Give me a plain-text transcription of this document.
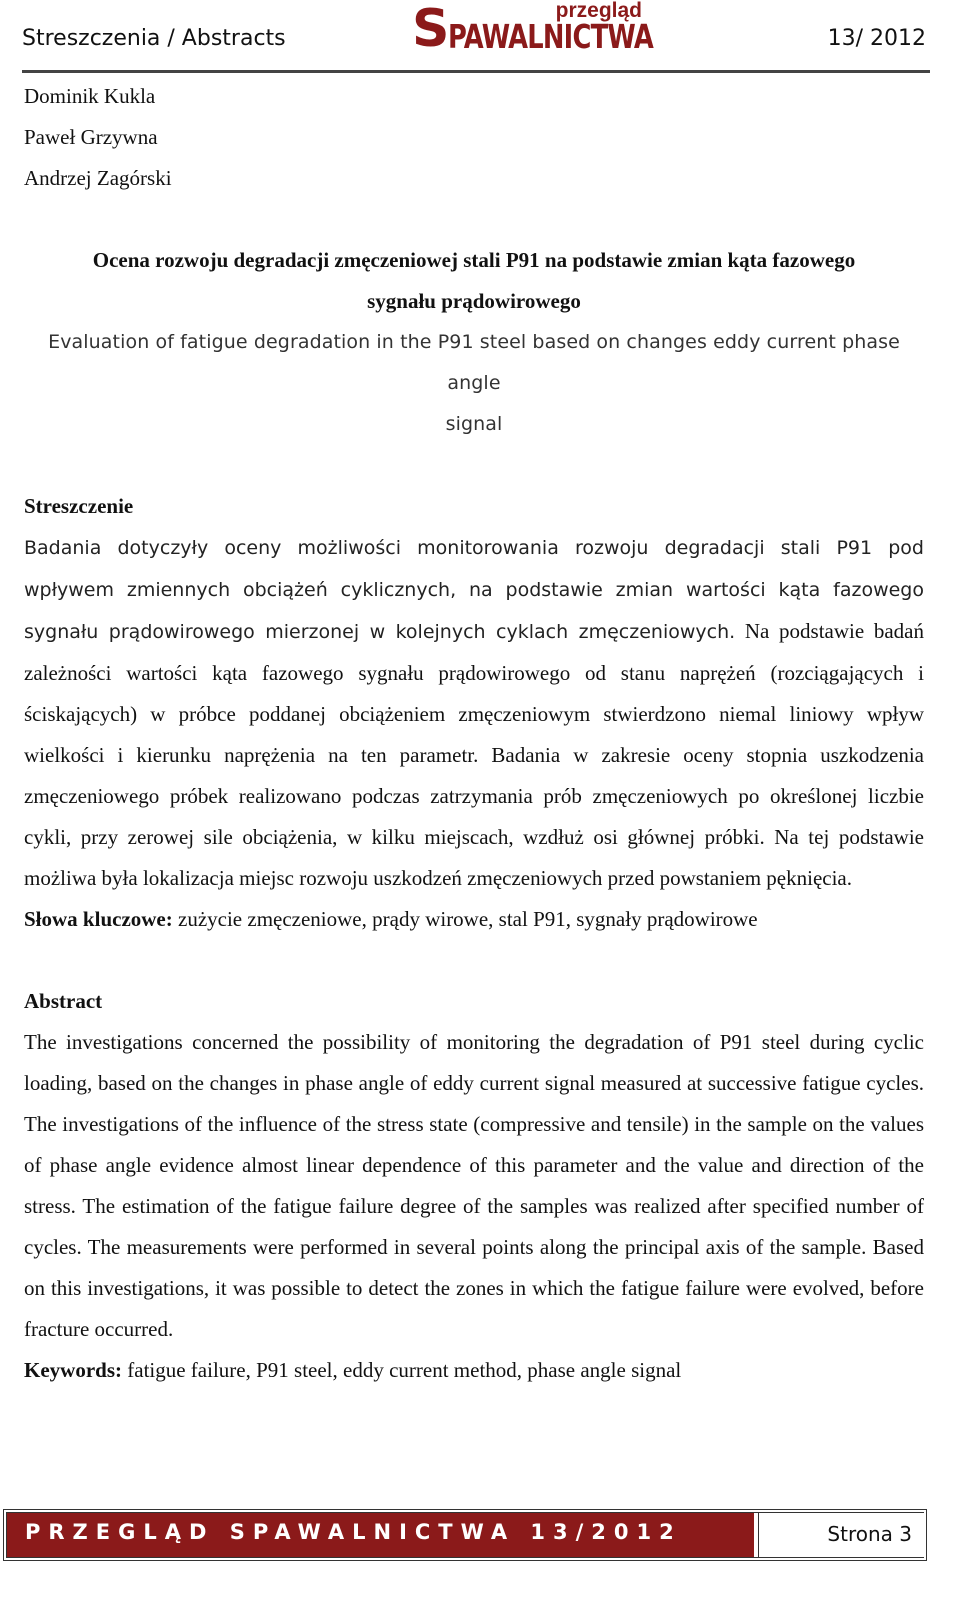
Streszczenia / Abstracts
przegląd
S
PAWALNICTWA	13/ 2012

Dominik Kukla

Paweł Grzywna

Andrzej Zagórski

Ocena rozwoju degradacji zmęczeniowej stali P91 na podstawie zmian kąta fazowego

sygnału prądowirowego

Evaluation of fatigue degradation in the P91 steel based on changes eddy current phase angle

signal

Streszczenie

Badania dotyczyły oceny możliwości monitorowania rozwoju degradacji stali P91 pod wpływem zmiennych obciążeń cyklicznych, na podstawie zmian wartości kąta fazowego sygnału prądowirowego mierzonej w kolejnych cyklach zmęczeniowych. Na podstawie badań zależności wartości kąta fazowego sygnału prądowirowego od stanu naprężeń (rozciągających i ściskających) w próbce poddanej obciążeniem zmęczeniowym stwierdzono niemal liniowy wpływ wielkości i kierunku naprężenia na ten parametr. Badania w zakresie oceny stopnia uszkodzenia zmęczeniowego próbek realizowano podczas zatrzymania prób zmęczeniowych po określonej liczbie cykli, przy zerowej sile obciążenia, w kilku miejscach, wzdłuż osi głównej próbki. Na tej podstawie możliwa była lokalizacja miejsc rozwoju uszkodzeń zmęczeniowych przed powstaniem pęknięcia.

Słowa kluczowe: zużycie zmęczeniowe, prądy wirowe, stal P91, sygnały prądowirowe

Abstract

The investigations concerned the possibility of monitoring the degradation of P91 steel during cyclic loading, based on the changes in phase angle of eddy current signal measured at successive fatigue cycles. The investigations of the influence of the stress state (compressive and tensile) in the sample on the values of phase angle evidence almost linear dependence of this parameter and the value and direction of the stress. The estimation of the fatigue failure degree of the samples was realized after specified number of cycles. The measurements were performed in several points along the principal axis of the sample. Based on this investigations, it was possible to detect the zones in which the fatigue failure were evolved, before fracture occurred.

Keywords: fatigue failure, P91 steel, eddy current method, phase angle signal

PRZEGLĄD SPAWALNICTWA 13/2012	Strona 3
